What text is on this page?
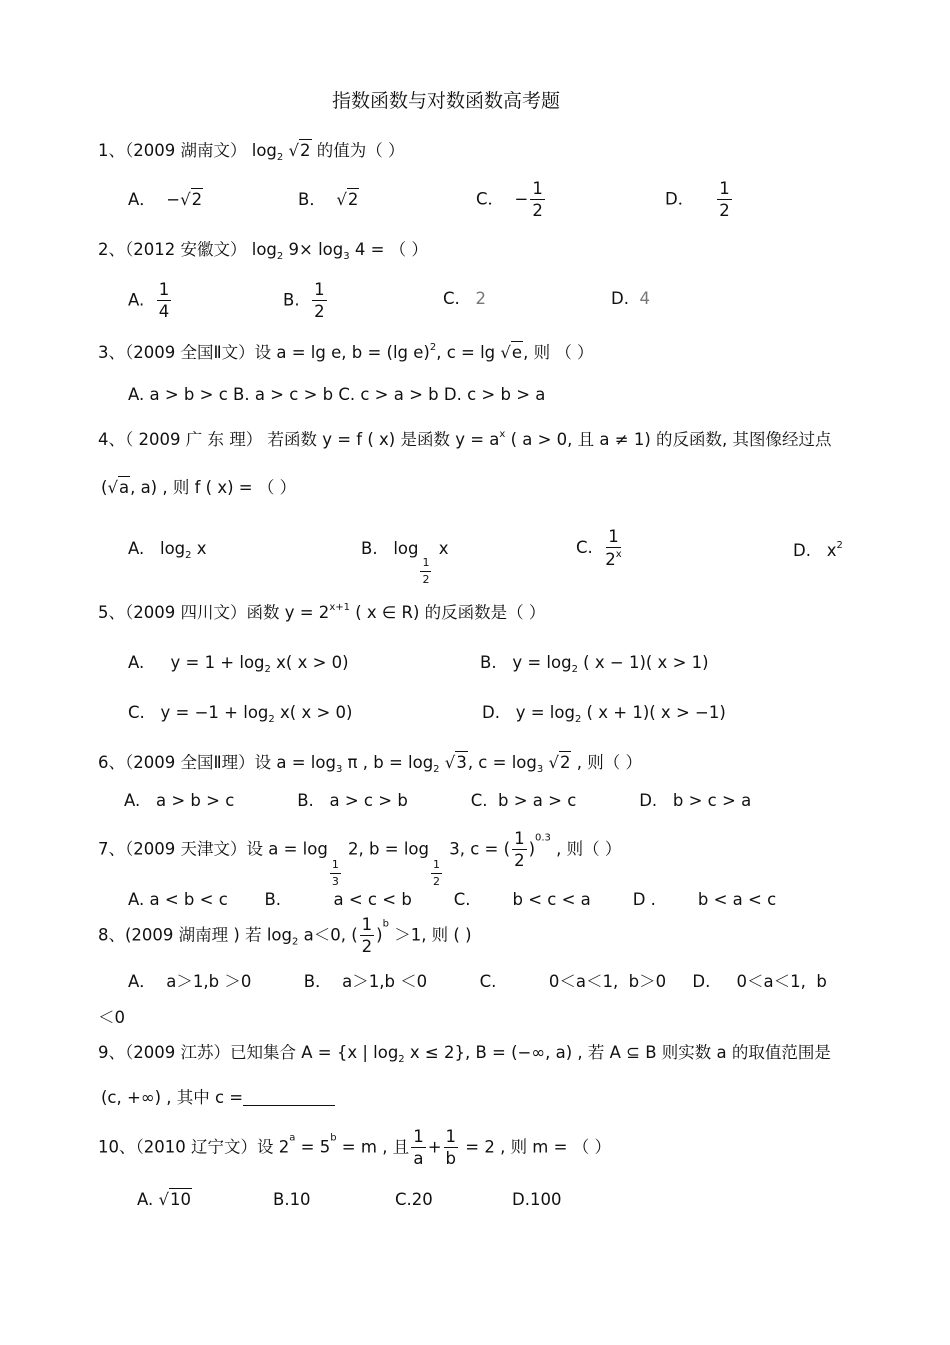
指数函数与对数函数高考题
1、（2009 湖南文） $\log_2 √2$ 的值为（ ）
A． −√2	B． √2	C． − $\frac{1}{2}$	D． $\frac{1}{2}$
2、（2012 安徽文） $\log_2 9\times \log_3 4$ = （ ）
A. $\frac{1}{4}$	B. $\frac{1}{2}$	C. 2	D. 4
3、（2009 全国Ⅱ文）设 a = lg e, b = (lg e)$^2$, c = lg √e, 则 （ ）
A. a > b > c B. a > c > b C. c > a > b D. c > b > a
4、（ 2009 广 东 理） 若函数 y = f ( x) 是函数 $y = a^x$ ( a > 0, 且 a ≠ 1) 的反函数, 其图像经过点
(√a, a) , 则 f ( x) = （ ）
A. $\log_2 x$	B. log
$\frac{1}{2}$
x	C. $\frac{1}{2^x}$	D. $x^2$
5、（2009 四川文）函数 $y = 2^{x+1}$ ( x ∈ R) 的反函数是（ ）
A. $y = 1 + \log_2 x$( x > 0)	B. $y = \log_2$ ( x − 1)( x > 1)
C. $y = -1 + \log_2 x$( x > 0)	D. $y = \log_2$ ( x + 1)( x > −1)
6、（2009 全国Ⅱ理）设 $a = \log_3 \pi$ , $b = \log_2 √3$, $c = \log_3 √2$ , 则（ ）
A.   a > b > c            B.   a > c > b            C.  b > a > c            D.   b > c > a
7、（2009 天津文）设 a = log
$\frac{1}{3}$
2, b = log
$\frac{1}{2}$
3, c = ( $\frac{1}{2} )^{0.3}$ , 则（ ）
A. a < b < c       B.          a < c < b        C.        b < c < a        D .        b < a < c
8、(2009 湖南理 ) 若 $\log_2 a<0$, ( $\frac{1}{2} )^b >1$, 则 ( )
A．  a＞1,b ＞0          B．  a＞1,b ＜0          C.          0＜a＜1,  b＞0     D.     0＜a＜1,  b
＜0
9、（2009 江苏）已知集合 A = {x | $\log_2 x \le 2$}, B = (−∞, a) , 若 A ⊆ B 则实数 a 的取值范围是
(c, +∞) , 其中 c =
10、（2010 辽宁文）设 $2^a = 5^b = m$ , 且 $\frac{1}{a} + \frac{1}{b} = 2$ , 则 m = （ ）
A. √10	B.10	C.20	D.100
